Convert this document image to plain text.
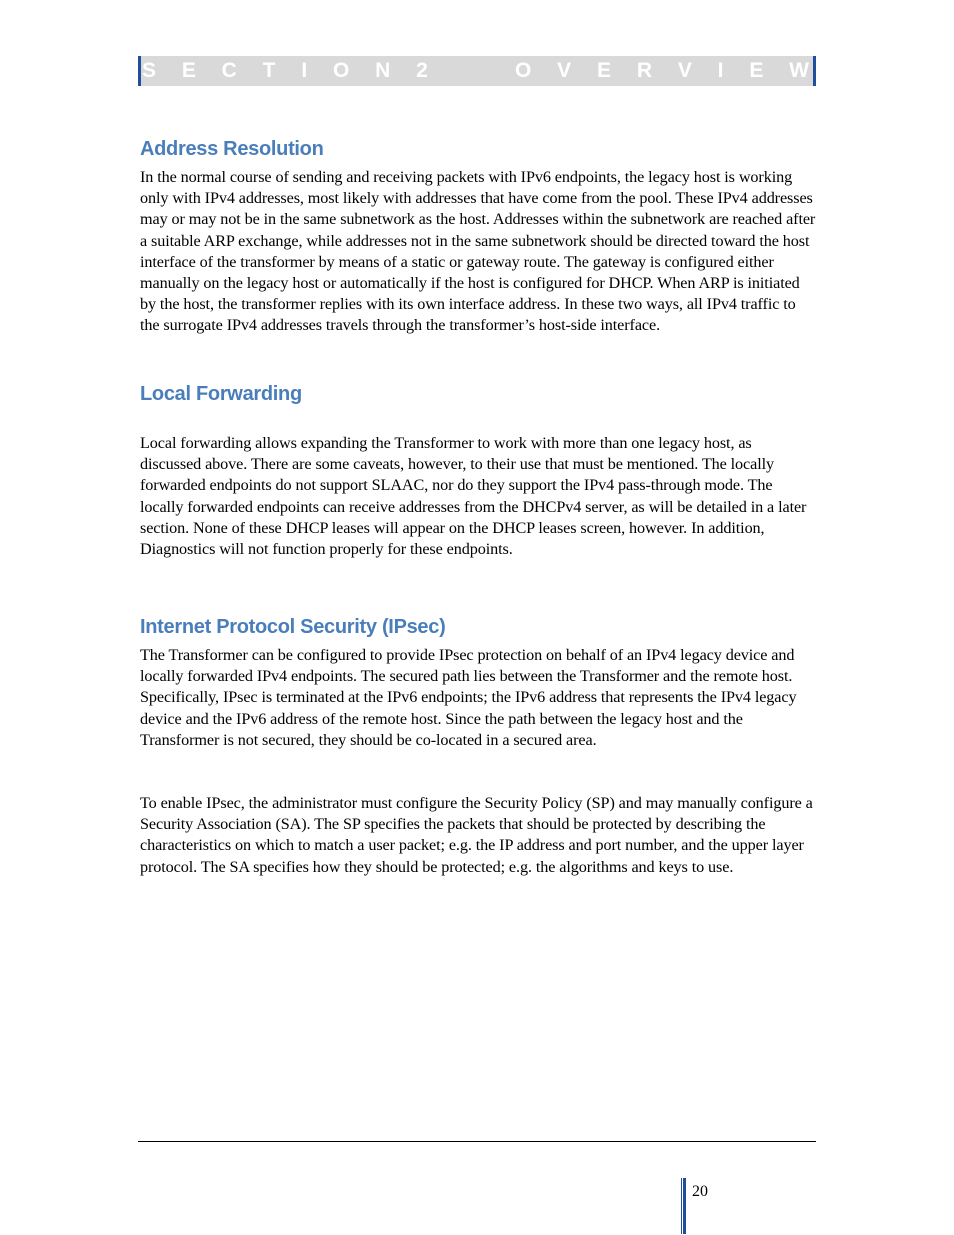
S E C T I O N 2	O V E R V I E W
Address Resolution

In the normal course of sending and receiving packets with IPv6 endpoints, the legacy host is working only with IPv4 addresses, most likely with addresses that have come from the pool. These IPv4 addresses may or may not be in the same subnetwork as the host. Addresses within the subnetwork are reached after a suitable ARP exchange, while addresses not in the same subnetwork should be directed toward the host interface of the transformer by means of a static or gateway route. The gateway is configured either manually on the legacy host or automatically if the host is configured for DHCP. When ARP is initiated by the host, the transformer replies with its own interface address. In these two ways, all IPv4 traffic to the surrogate IPv4 addresses travels through the transformer’s host-side interface.

Local Forwarding

Local forwarding allows expanding the Transformer to work with more than one legacy host, as discussed above. There are some caveats, however, to their use that must be mentioned. The locally forwarded endpoints do not support SLAAC, nor do they support the IPv4 pass-through mode. The locally forwarded endpoints can receive addresses from the DHCPv4 server, as will be detailed in a later section. None of these DHCP leases will appear on the DHCP leases screen, however. In addition, Diagnostics will not function properly for these endpoints.

Internet Protocol Security (IPsec)

The Transformer can be configured to provide IPsec protection on behalf of an IPv4 legacy device and locally forwarded IPv4 endpoints. The secured path lies between the Transformer and the remote host. Specifically, IPsec is terminated at the IPv6 endpoints; the IPv6 address that represents the IPv4 legacy device and the IPv6 address of the remote host. Since the path between the legacy host and the Transformer is not secured, they should be co-located in a secured area.

To enable IPsec, the administrator must configure the Security Policy (SP) and may manually configure a Security Association (SA). The SP specifies the packets that should be protected by describing the characteristics on which to match a user packet; e.g. the IP address and port number, and the upper layer protocol. The SA specifies how they should be protected; e.g. the algorithms and keys to use.

20
